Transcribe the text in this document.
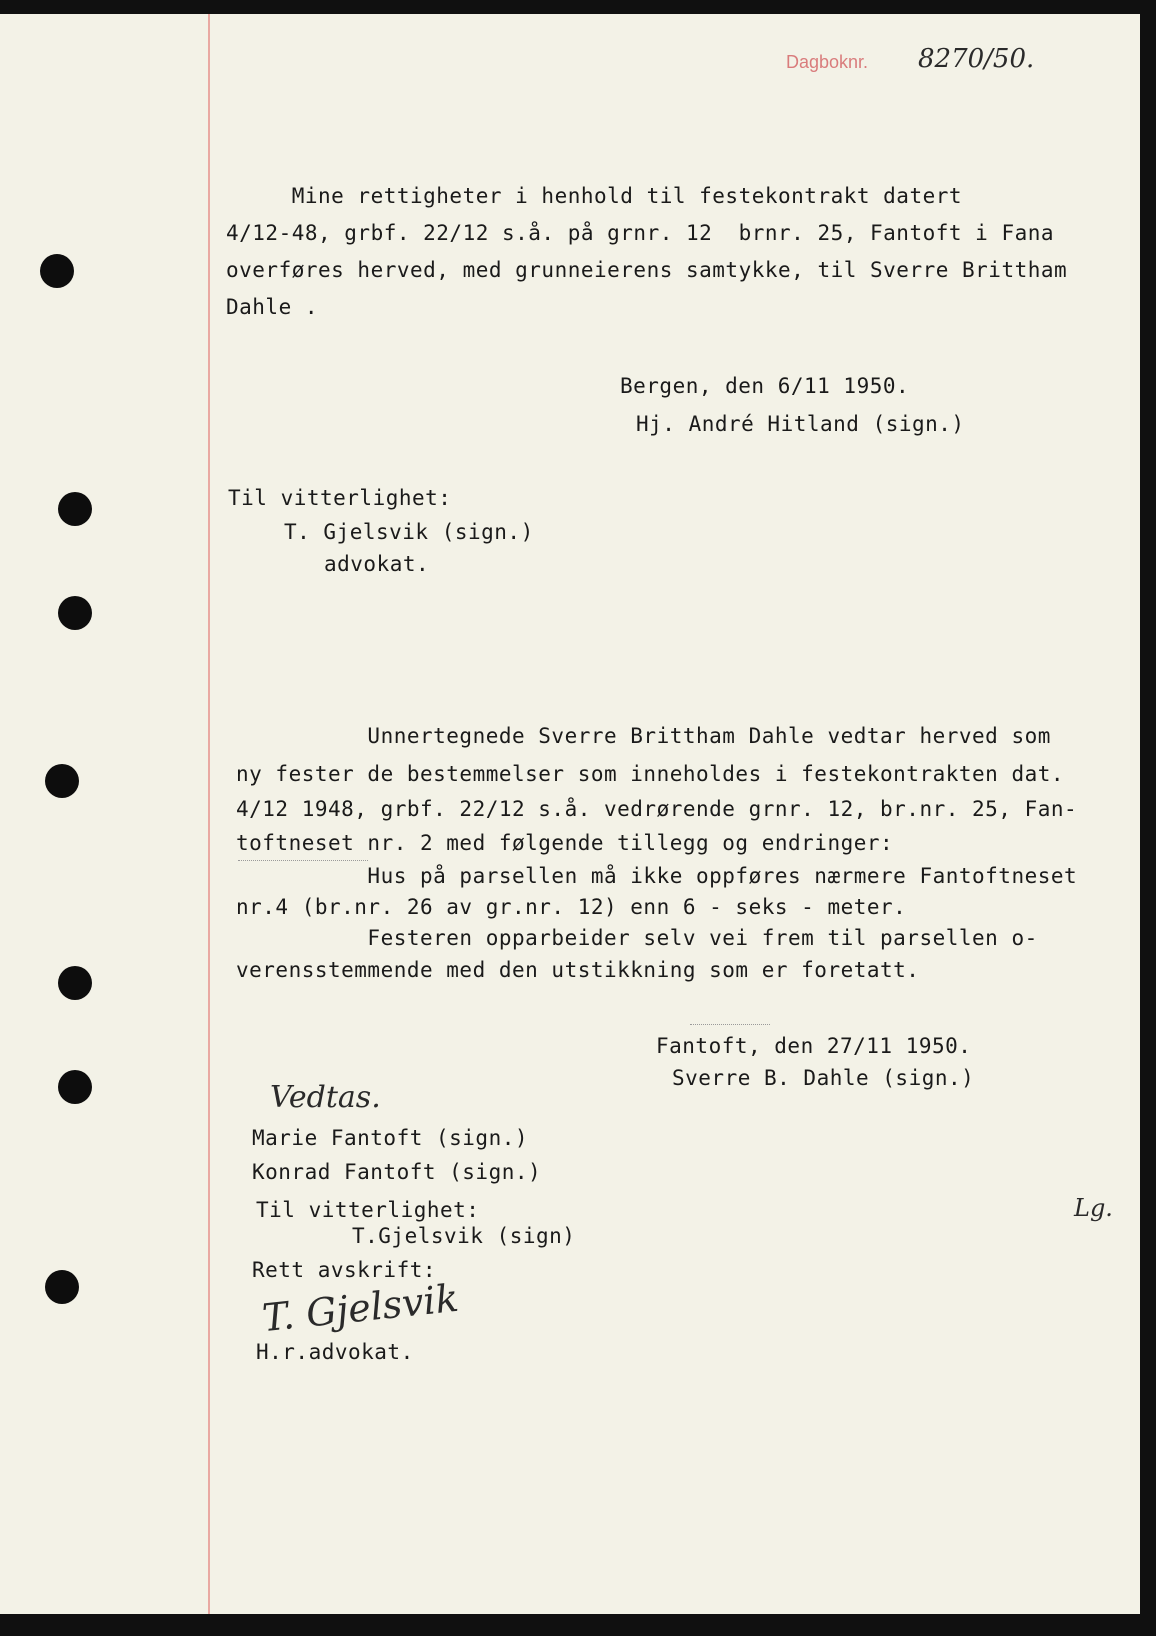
Dagboknr. 8270/50.
Mine rettigheter i henhold til festekontrakt datert
4/12-48, grbf. 22/12 s.å. på grnr. 12  brnr. 25, Fantoft i Fana
overføres herved, med grunneierens samtykke, til Sverre Brittham
Dahle .
Bergen, den 6/11 1950.
Hj. André Hitland (sign.)
Til vitterlighet:
T. Gjelsvik (sign.)
advokat.
Unnertegnede Sverre Brittham Dahle vedtar herved som
ny fester de bestemmelser som inneholdes i festekontrakten dat.
4/12 1948, grbf. 22/12 s.å. vedrørende grnr. 12, br.nr. 25, Fan-
toftneset nr. 2 med følgende tillegg og endringer:
Hus på parsellen må ikke oppføres nærmere Fantoftneset
nr.4 (br.nr. 26 av gr.nr. 12) enn 6 - seks - meter.
Festeren opparbeider selv vei frem til parsellen o-
verensstemmende med den utstikkning som er foretatt.
Fantoft, den 27/11 1950.
Sverre B. Dahle (sign.)
Vedtas.
Marie Fantoft (sign.)
Konrad Fantoft (sign.)
Til vitterlighet:
T.Gjelsvik (sign)
Rett avskrift:
T. Gjelsvik
H.r.advokat.
Lg.
